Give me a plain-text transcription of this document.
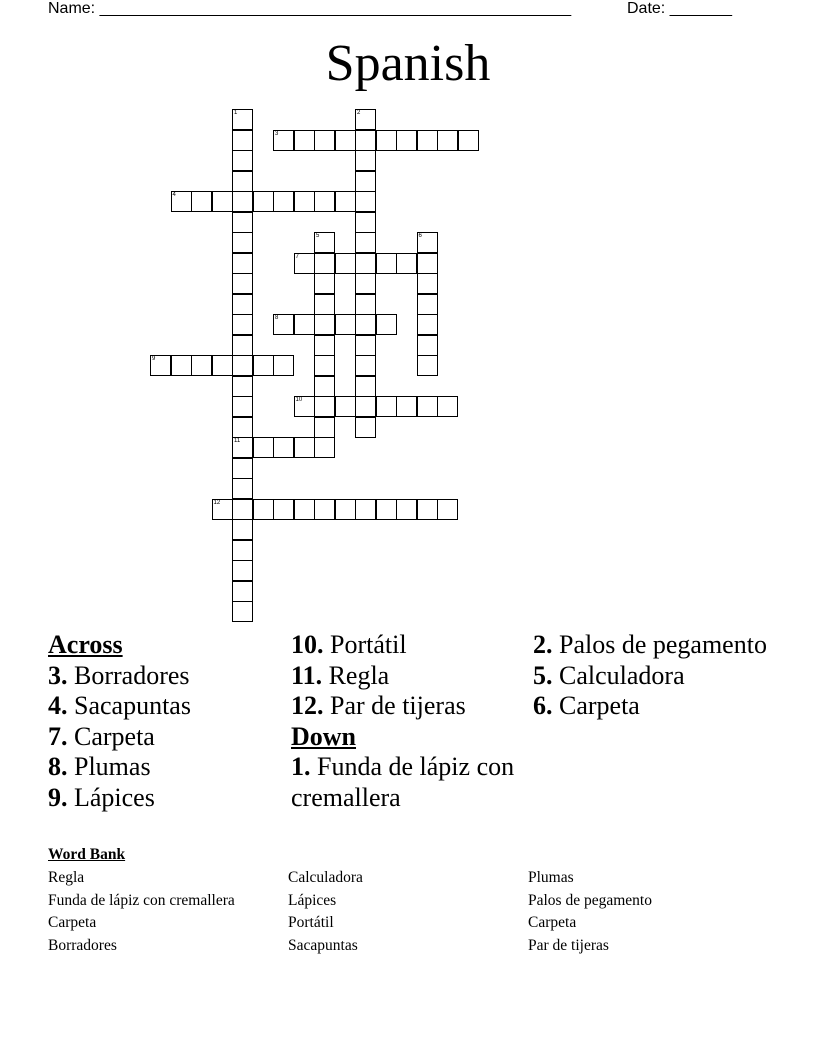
Name: _____________________________________________________	Date: _______
Spanish
1
11
2
3
4
5	6
7
8
9
10
12
Across
3. Borradores
4. Sacapuntas
7. Carpeta
8. Plumas
9. Lápices
10. Portátil
11. Regla
12. Par de tijeras
Down
1. Funda de lápiz con cremallera
2. Palos de pegamento
5. Calculadora
6. Carpeta
Word Bank
Regla
Funda de lápiz con cremallera
Carpeta
Borradores
Calculadora
Lápices
Portátil
Sacapuntas
Plumas
Palos de pegamento
Carpeta
Par de tijeras
